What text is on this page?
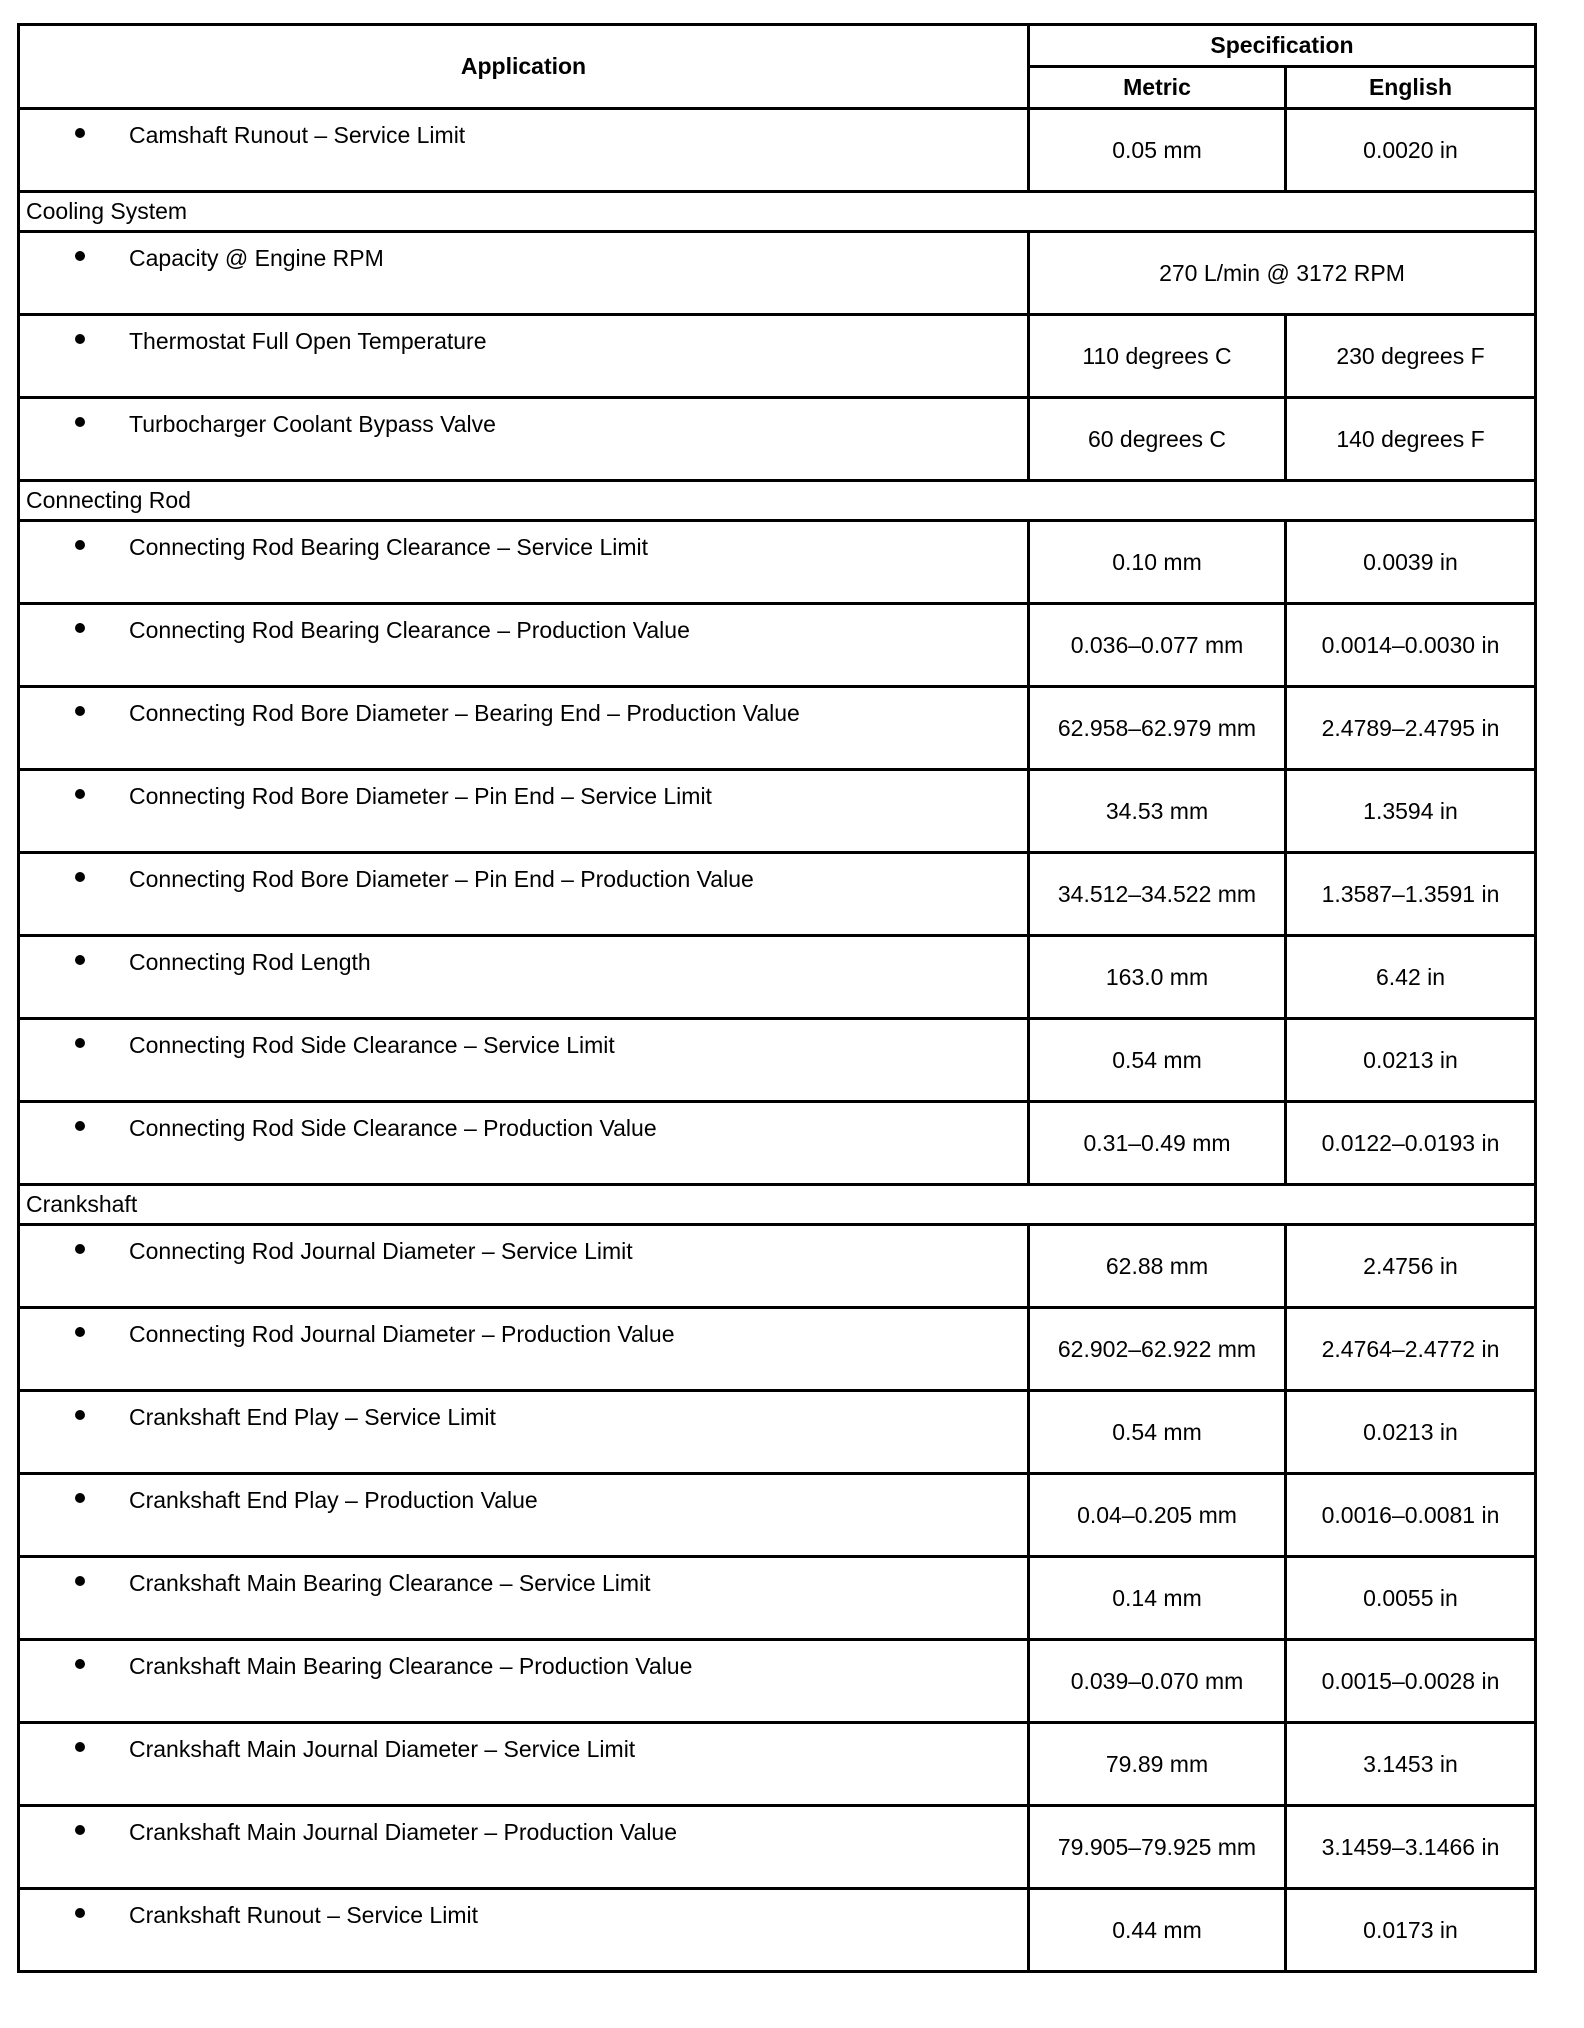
Application	Specification	
	Metric	English

Camshaft Runout – Service Limit	0.05 mm	0.0020 in
Cooling System		

Capacity @ Engine RPM	270 L/min @ 3172 RPM	

Thermostat Full Open Temperature	110 degrees C	230 degrees F

Turbocharger Coolant Bypass Valve	60 degrees C	140 degrees F
Connecting Rod		

Connecting Rod Bearing Clearance – Service Limit	0.10 mm	0.0039 in

Connecting Rod Bearing Clearance – Production Value	0.036–0.077 mm	0.0014–0.0030 in

Connecting Rod Bore Diameter – Bearing End – Production Value	62.958–62.979 mm	2.4789–2.4795 in

Connecting Rod Bore Diameter – Pin End – Service Limit	34.53 mm	1.3594 in

Connecting Rod Bore Diameter – Pin End – Production Value	34.512–34.522 mm	1.3587–1.3591 in

Connecting Rod Length	163.0 mm	6.42 in

Connecting Rod Side Clearance – Service Limit	0.54 mm	0.0213 in

Connecting Rod Side Clearance – Production Value	0.31–0.49 mm	0.0122–0.0193 in
Crankshaft		

Connecting Rod Journal Diameter – Service Limit	62.88 mm	2.4756 in

Connecting Rod Journal Diameter – Production Value	62.902–62.922 mm	2.4764–2.4772 in

Crankshaft End Play – Service Limit	0.54 mm	0.0213 in

Crankshaft End Play – Production Value	0.04–0.205 mm	0.0016–0.0081 in

Crankshaft Main Bearing Clearance – Service Limit	0.14 mm	0.0055 in

Crankshaft Main Bearing Clearance – Production Value	0.039–0.070 mm	0.0015–0.0028 in

Crankshaft Main Journal Diameter – Service Limit	79.89 mm	3.1453 in

Crankshaft Main Journal Diameter – Production Value	79.905–79.925 mm	3.1459–3.1466 in

Crankshaft Runout – Service Limit	0.44 mm	0.0173 in
